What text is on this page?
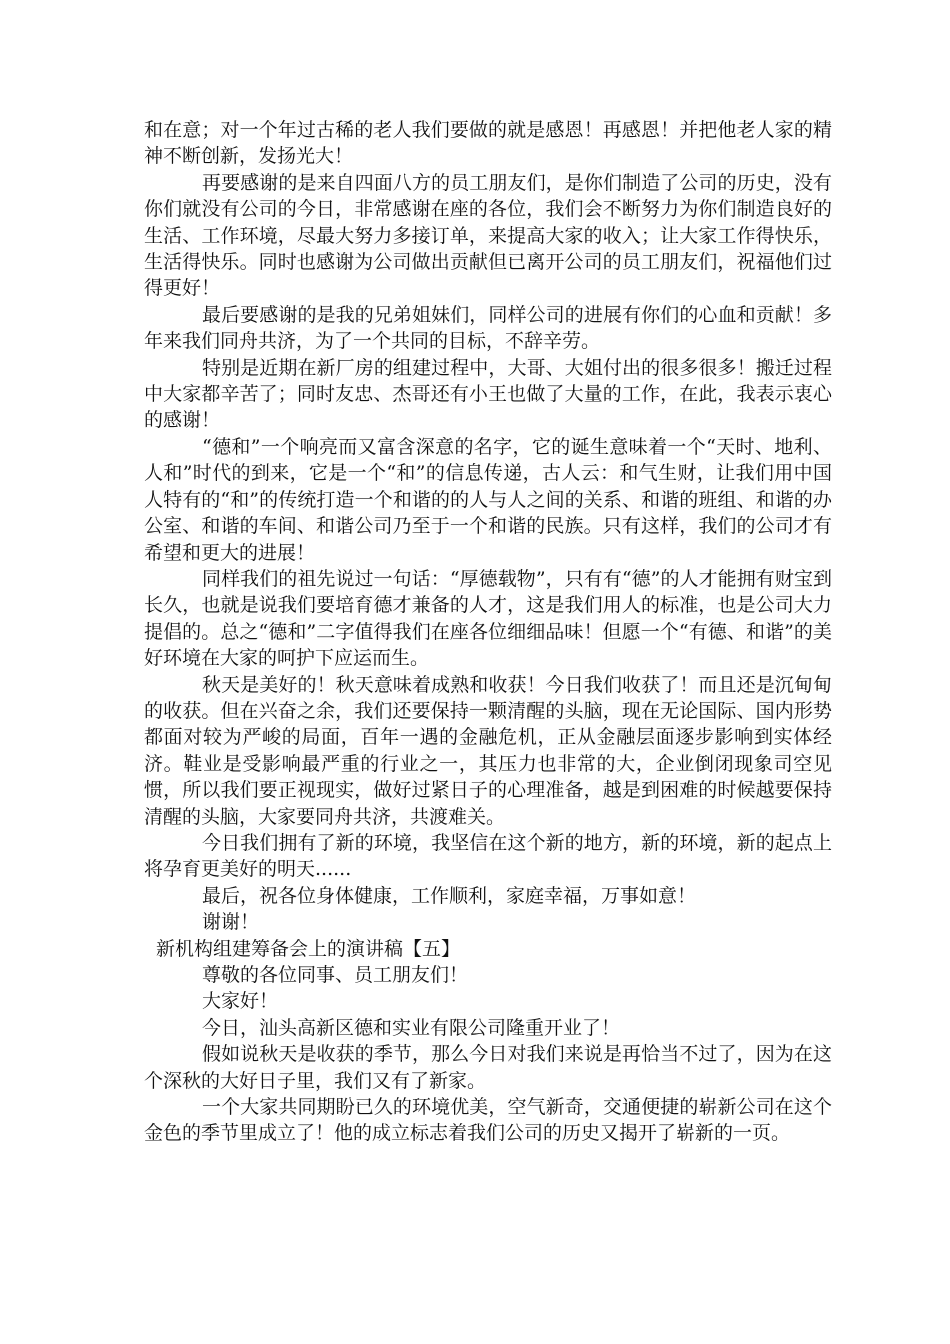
和在意；对一个年过古稀的老人我们要做的就是感恩！再感恩！并把他老人家的精神不断创新，发扬光大！

再要感谢的是来自四面八方的员工朋友们，是你们制造了公司的历史，没有你们就没有公司的今日，非常感谢在座的各位，我们会不断努力为你们制造良好的生活、工作环境，尽最大努力多接订单，来提高大家的收入；让大家工作得快乐，生活得快乐。同时也感谢为公司做出贡献但已离开公司的员工朋友们，祝福他们过得更好！

最后要感谢的是我的兄弟姐妹们，同样公司的进展有你们的心血和贡献！多年来我们同舟共济，为了一个共同的目标，不辞辛劳。

特别是近期在新厂房的组建过程中，大哥、大姐付出的很多很多！搬迁过程中大家都辛苦了；同时友忠、杰哥还有小王也做了大量的工作，在此，我表示衷心的感谢！

“德和”一个响亮而又富含深意的名字，它的诞生意味着一个“天时、地利、人和”时代的到来，它是一个“和”的信息传递，古人云：和气生财，让我们用中国人特有的“和”的传统打造一个和谐的的人与人之间的关系、和谐的班组、和谐的办公室、和谐的车间、和谐公司乃至于一个和谐的民族。只有这样，我们的公司才有希望和更大的进展！

同样我们的祖先说过一句话：“厚德载物”，只有有“德”的人才能拥有财宝到长久，也就是说我们要培育德才兼备的人才，这是我们用人的标准，也是公司大力提倡的。总之“德和”二字值得我们在座各位细细品味！但愿一个“有德、和谐”的美好环境在大家的呵护下应运而生。

秋天是美好的！秋天意味着成熟和收获！今日我们收获了！而且还是沉甸甸的收获。但在兴奋之余，我们还要保持一颗清醒的头脑，现在无论国际、国内形势都面对较为严峻的局面，百年一遇的金融危机，正从金融层面逐步影响到实体经济。鞋业是受影响最严重的行业之一，其压力也非常的大，企业倒闭现象司空见惯，所以我们要正视现实，做好过紧日子的心理准备，越是到困难的时候越要保持清醒的头脑，大家要同舟共济，共渡难关。

今日我们拥有了新的环境，我坚信在这个新的地方，新的环境，新的起点上将孕育更美好的明天......

最后，祝各位身体健康，工作顺利，家庭幸福，万事如意！

谢谢！

新机构组建筹备会上的演讲稿【五】

尊敬的各位同事、员工朋友们！

大家好！

今日，汕头高新区德和实业有限公司隆重开业了！

假如说秋天是收获的季节，那么今日对我们来说是再恰当不过了，因为在这个深秋的大好日子里，我们又有了新家。

一个大家共同期盼已久的环境优美，空气新奇，交通便捷的崭新公司在这个金色的季节里成立了！他的成立标志着我们公司的历史又揭开了崭新的一页。
